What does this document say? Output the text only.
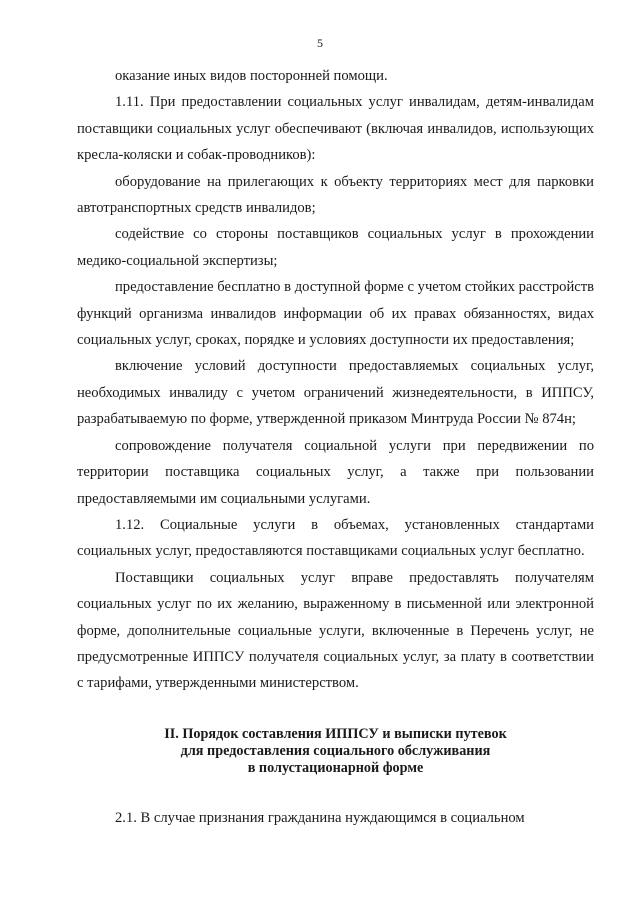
5

оказание иных видов посторонней помощи.

1.11. При предоставлении социальных услуг инвалидам, детям-инвалидам поставщики социальных услуг обеспечивают (включая инвалидов, использующих кресла-коляски и собак-проводников):

оборудование на прилегающих к объекту территориях мест для парковки автотранспортных средств инвалидов;

содействие со стороны поставщиков социальных услуг в прохождении медико-социальной экспертизы;

предоставление бесплатно в доступной форме с учетом стойких расстройств функций организма инвалидов информации об их правах обязанностях, видах социальных услуг, сроках, порядке и условиях доступности их предоставления;

включение условий доступности предоставляемых социальных услуг, необходимых инвалиду с учетом ограничений жизнедеятельности, в ИППСУ, разрабатываемую по форме, утвержденной приказом Минтруда России № 874н;

сопровождение получателя социальной услуги при передвижении по территории поставщика социальных услуг, а также при пользовании предоставляемыми им социальными услугами.

1.12. Социальные услуги в объемах, установленных стандартами социальных услуг, предоставляются поставщиками социальных услуг бесплатно.

Поставщики социальных услуг вправе предоставлять получателям социальных услуг по их желанию, выраженному в письменной или электронной форме, дополнительные социальные услуги, включенные в Перечень услуг, не предусмотренные ИППСУ получателя социальных услуг, за плату в соответствии с тарифами, утвержденными министерством.

II. Порядок составления ИППСУ и выписки путевок
для предоставления социального обслуживания
в полустационарной форме

2.1. В случае признания гражданина нуждающимся в социальном
